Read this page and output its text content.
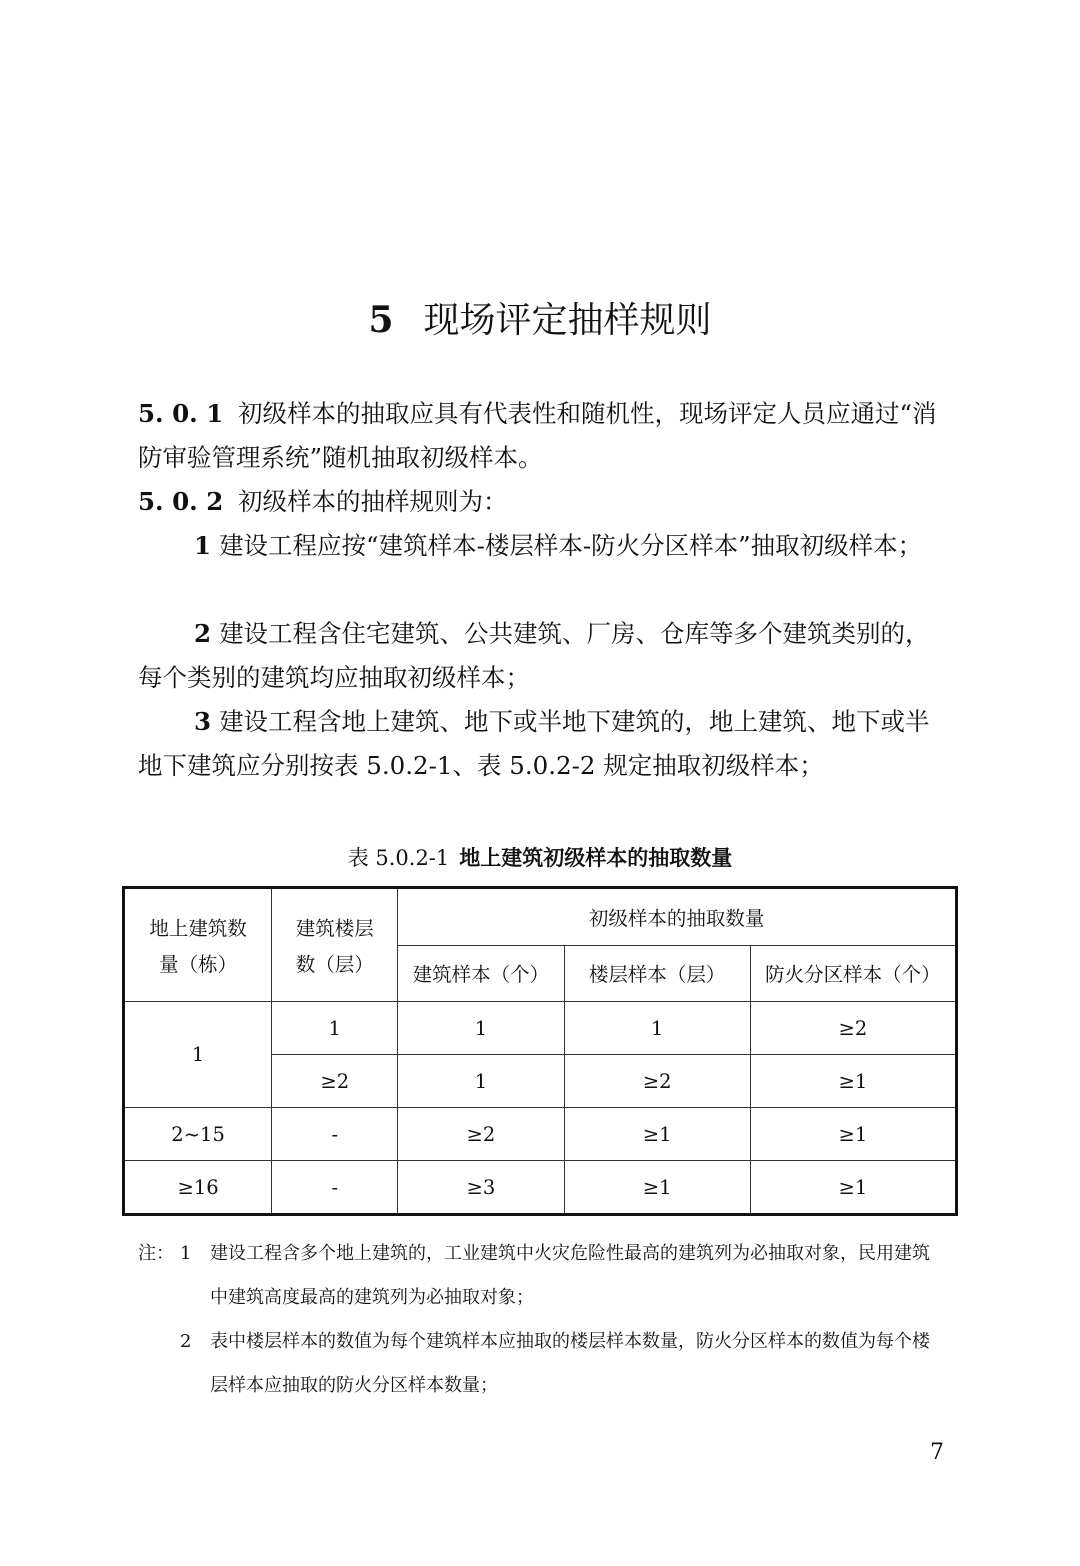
5 现场评定抽样规则
5. 0. 1 初级样本的抽取应具有代表性和随机性，现场评定人员应通过“消防审验管理系统”随机抽取初级样本。
5. 0. 2 初级样本的抽样规则为：
1 建设工程应按“建筑样本-楼层样本-防火分区样本”抽取初级样本；
2 建设工程含住宅建筑、公共建筑、厂房、仓库等多个建筑类别的，每个类别的建筑均应抽取初级样本；
3 建设工程含地上建筑、地下或半地下建筑的，地上建筑、地下或半地下建筑应分别按表 5.0.2-1、表 5.0.2-2 规定抽取初级样本；
表 5.0.2-1 地上建筑初级样本的抽取数量
地上建筑数	建筑楼层	初级样本的抽取数量		
量（栋）	数（层）	建筑样本（个）	楼层样本（层）	防火分区样本（个）
1	1	1	1	≥2
	≥2	1	≥2	≥1
2~15	-	≥2	≥1	≥1
≥16	-	≥3	≥1	≥1
注： 1 建设工程含多个地上建筑的，工业建筑中火灾危险性最高的建筑列为必抽取对象，民用建筑中建筑高度最高的建筑列为必抽取对象；
2 表中楼层样本的数值为每个建筑样本应抽取的楼层样本数量，防火分区样本的数值为每个楼层样本应抽取的防火分区样本数量；
7
